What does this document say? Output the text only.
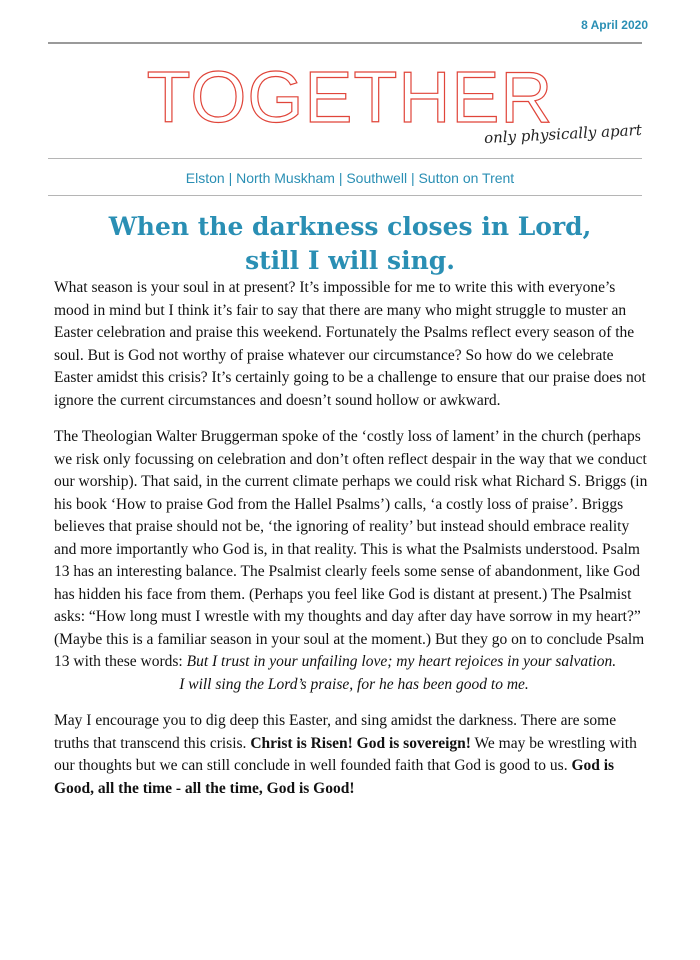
8 April 2020
TOGETHER
only physically apart
Elston | North Muskham | Southwell | Sutton on Trent
When the darkness closes in Lord,
still I will sing.

What season is your soul in at present? It’s impossible for me to write this with everyone’s mood in mind but I think it’s fair to say that there are many who might struggle to muster an Easter celebration and praise this weekend. Fortunately the Psalms reflect every season of the soul. But is God not worthy of praise whatever our circumstance? So how do we celebrate Easter amidst this crisis? It’s certainly going to be a challenge to ensure that our praise does not ignore the current circumstances and doesn’t sound hollow or awkward.

The Theologian Walter Bruggerman spoke of the ‘costly loss of lament’ in the church (perhaps we risk only focussing on celebration and don’t often reflect despair in the way that we conduct our worship). That said, in the current climate perhaps we could risk what Richard S. Briggs (in his book ‘How to praise God from the Hallel Psalms’) calls, ‘a costly loss of praise’. Briggs believes that praise should not be, ‘the ignoring of reality’ but instead should embrace reality and more importantly who God is, in that reality. This is what the Psalmists understood. Psalm 13 has an interesting balance. The Psalmist clearly feels some sense of abandonment, like God has hidden his face from them. (Perhaps you feel like God is distant at present.) The Psalmist asks: “How long must I wrestle with my thoughts and day after day have sorrow in my heart?” (Maybe this is a familiar season in your soul at the moment.) But they go on to conclude Psalm 13 with these words: But I trust in your unfailing love; my heart rejoices in your salvation.
I will sing the Lord’s praise, for he has been good to me.

May I encourage you to dig deep this Easter, and sing amidst the darkness. There are some truths that transcend this crisis. Christ is Risen! God is sovereign! We may be wrestling with our thoughts but we can still conclude in well founded faith that God is good to us. God is Good, all the time - all the time, God is Good!
